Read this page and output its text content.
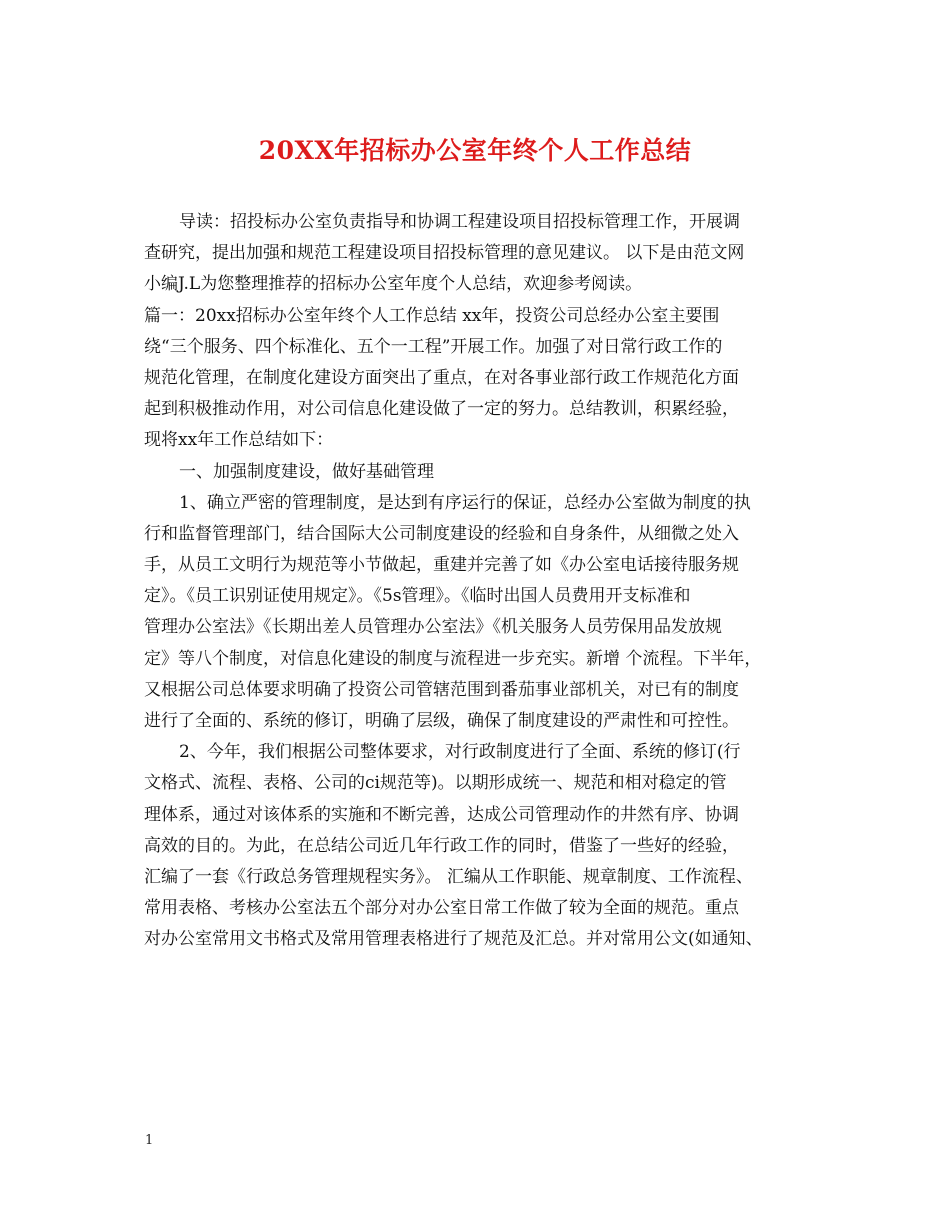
20XX年招标办公室年终个人工作总结
导读：招投标办公室负责指导和协调工程建设项目招投标管理工作，开展调
查研究，提出加强和规范工程建设项目招投标管理的意见建议。 以下是由范文网
小编J.L为您整理推荐的招标办公室年度个人总结，欢迎参考阅读。
篇一：20xx招标办公室年终个人工作总结 xx年，投资公司总经办公室主要围
绕“三个服务、四个标准化、五个一工程”开展工作。加强了对日常行政工作的
规范化管理，在制度化建设方面突出了重点，在对各事业部行政工作规范化方面
起到积极推动作用，对公司信息化建设做了一定的努力。总结教训，积累经验，
现将xx年工作总结如下：
一、加强制度建设，做好基础管理
1、确立严密的管理制度，是达到有序运行的保证，总经办公室做为制度的执
行和监督管理部门，结合国际大公司制度建设的经验和自身条件，从细微之处入
手，从员工文明行为规范等小节做起，重建并完善了如《办公室电话接待服务规
定》。《员工识别证使用规定》。《5s管理》。《临时出国人员费用开支标准和
管理办公室法》《长期出差人员管理办公室法》《机关服务人员劳保用品发放规
定》等八个制度，对信息化建设的制度与流程进一步充实。新增 个流程。下半年，
又根据公司总体要求明确了投资公司管辖范围到番茄事业部机关，对已有的制度
进行了全面的、系统的修订，明确了层级，确保了制度建设的严肃性和可控性。
2、今年，我们根据公司整体要求，对行政制度进行了全面、系统的修订(行
文格式、流程、表格、公司的ci规范等)。以期形成统一、规范和相对稳定的管
理体系，通过对该体系的实施和不断完善，达成公司管理动作的井然有序、协调
高效的目的。为此，在总结公司近几年行政工作的同时，借鉴了一些好的经验，
汇编了一套《行政总务管理规程实务》。 汇编从工作职能、规章制度、工作流程、
常用表格、考核办公室法五个部分对办公室日常工作做了较为全面的规范。重点
对办公室常用文书格式及常用管理表格进行了规范及汇总。并对常用公文(如通知、
1
